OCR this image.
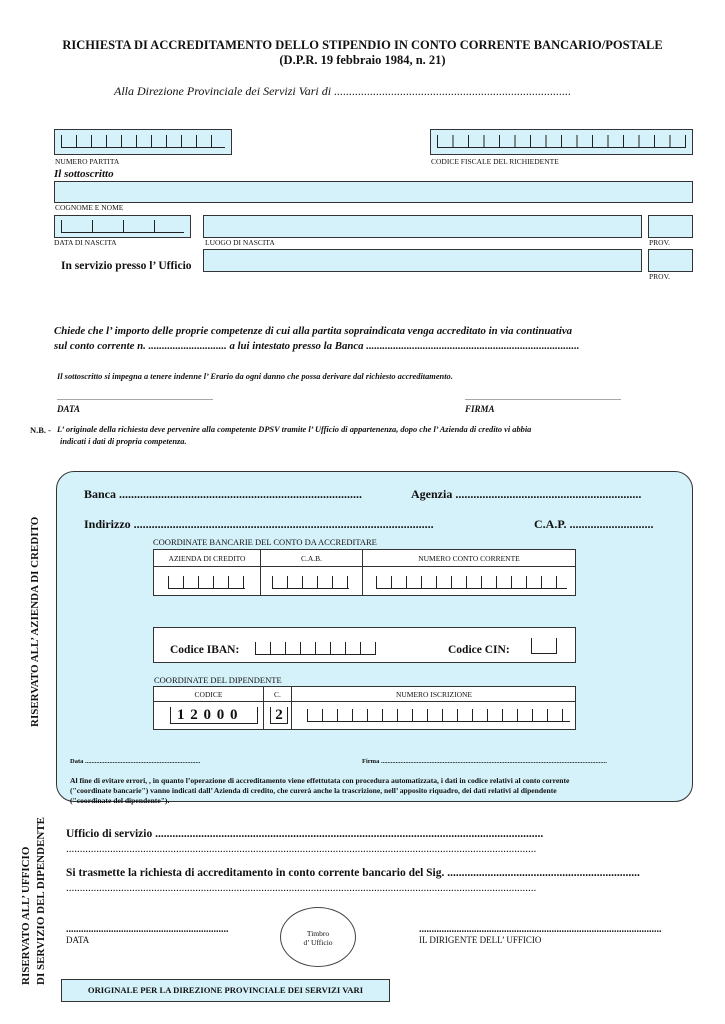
RICHIESTA DI ACCREDITAMENTO DELLO STIPENDIO IN CONTO CORRENTE BANCARIO/POSTALE
(D.P.R. 19 febbraio 1984, n. 21)
Alla Direzione Provinciale dei Servizi Vari di ...............................................................................
NUMERO PARTITA	CODICE FISCALE DEL RICHIEDENTE
Il sottoscritto
COGNOME E NOME
DATA DI NASCITA	LUOGO DI NASCITA	PROV.
In servizio presso l’ Ufficio
PROV.
Chiede che l’ importo delle proprie competenze di cui alla partita sopraindicata venga accreditato in via continuativa
sul conto corrente n. ............................. a lui intestato presso la Banca ...............................................................................
Il sottoscritto si impegna a tenere indenne l’ Erario da ogni danno che possa derivare dal richiesto accreditamento.
..............................................................................
DATA
..............................................................................
FIRMA
N.B. - L’ originale della richiesta deve pervenire alla competente DPSV tramite l’ Ufficio di appartenenza, dopo che l’ Azienda di credito vi abbia
indicati i dati di propria competenza.
RISERVATO ALL’ AZIENDA DI CREDITO
Banca .................................................................................	Agenzia ..............................................................
Indirizzo ....................................................................................................	C.A.P. ............................
COORDINATE BANCARIE DEL CONTO DA ACCREDITARE
AZIENDA DI CREDITO	C.A.B.	NUMERO CONTO CORRENTE
Codice IBAN:	Codice CIN:
COORDINATE DEL DIPENDENTE
CODICE	C.	NUMERO ISCRIZIONE
1 2 0 0 0	2
Data .......................................................................	Firma ...........................................................................................................................................
Al fine di evitare errori, , in quanto l’operazione di accreditamento viene effettutata con procedura automatizzata, i dati in codice relativi al conto corrente
("coordinate bancarie") vanno indicati dall’ Azienda di credito, che curerà anche la trascrizione, nell’ apposito riquadro, dei dati relativi al dipendente
("coordinate del dipendente").
RISERVATO ALL’ UFFICIO DI SERVIZIO DEL DIPENDENTE Ufficio di servizio .......................................................................................................................................
...........................................................................................................................................................................
Si trasmette la richiesta di accreditamento in conto corrente bancario del Sig. ...................................................................
...........................................................................................................................................................................
.................................................................
DATA
Timbro
d’ Ufficio
.................................................................................................
IL DIRIGENTE DELL’ UFFICIO
ORIGINALE PER LA DIREZIONE PROVINCIALE DEI SERVIZI VARI
